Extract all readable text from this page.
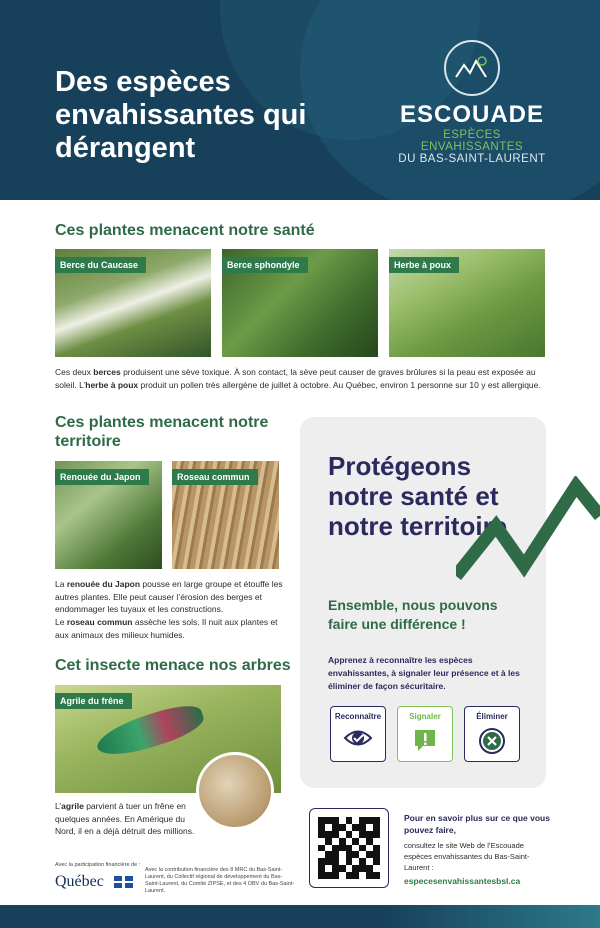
Des espèces envahissantes qui dérangent
ESCOUADE
ESPÈCES ENVAHISSANTES
DU BAS-SAINT-LAURENT
Ces plantes menacent notre santé
Berce du Caucase	Berce sphondyle	Herbe à poux

Ces deux berces produisent une sève toxique. À son contact, la sève peut causer de graves brûlures si la peau est exposée au soleil. L’herbe à poux produit un pollen très allergène de juillet à octobre. Au Québec, environ 1 personne sur 10 y est allergique.

Ces plantes menacent notre territoire
Renouée du Japon	Roseau commun

La renouée du Japon pousse en large groupe et étouffe les autres plantes. Elle peut causer l’érosion des berges et endommager les tuyaux et les constructions.

Le roseau commun assèche les sols. Il nuit aux plantes et aux animaux des milieux humides.

Cet insecte menace nos arbres
Agrile du frêne

L’agrile parvient à tuer un frêne en quelques années. En Amérique du Nord, il en a déjà détruit des millions.

Protégeons notre santé et notre territoire
Ensemble, nous pouvons faire une différence !
Apprenez à reconnaître les espèces envahissantes, à signaler leur présence et à les éliminer de façon sécuritaire.
Reconnaître	Signaler	Éliminer
Pour en savoir plus sur ce que vous pouvez faire,
consultez le site Web de l’Escouade espèces envahissantes du Bas-Saint-Laurent :
especesenvahissantesbsl.ca
Avec la participation financière de :
Québec
Avec la contribution financière des 8 MRC du Bas-Saint-Laurent, du Collectif régional de développement du Bas-Saint-Laurent, du Comité ZIPSE, et des 4 OBV du Bas-Saint-Laurent.
